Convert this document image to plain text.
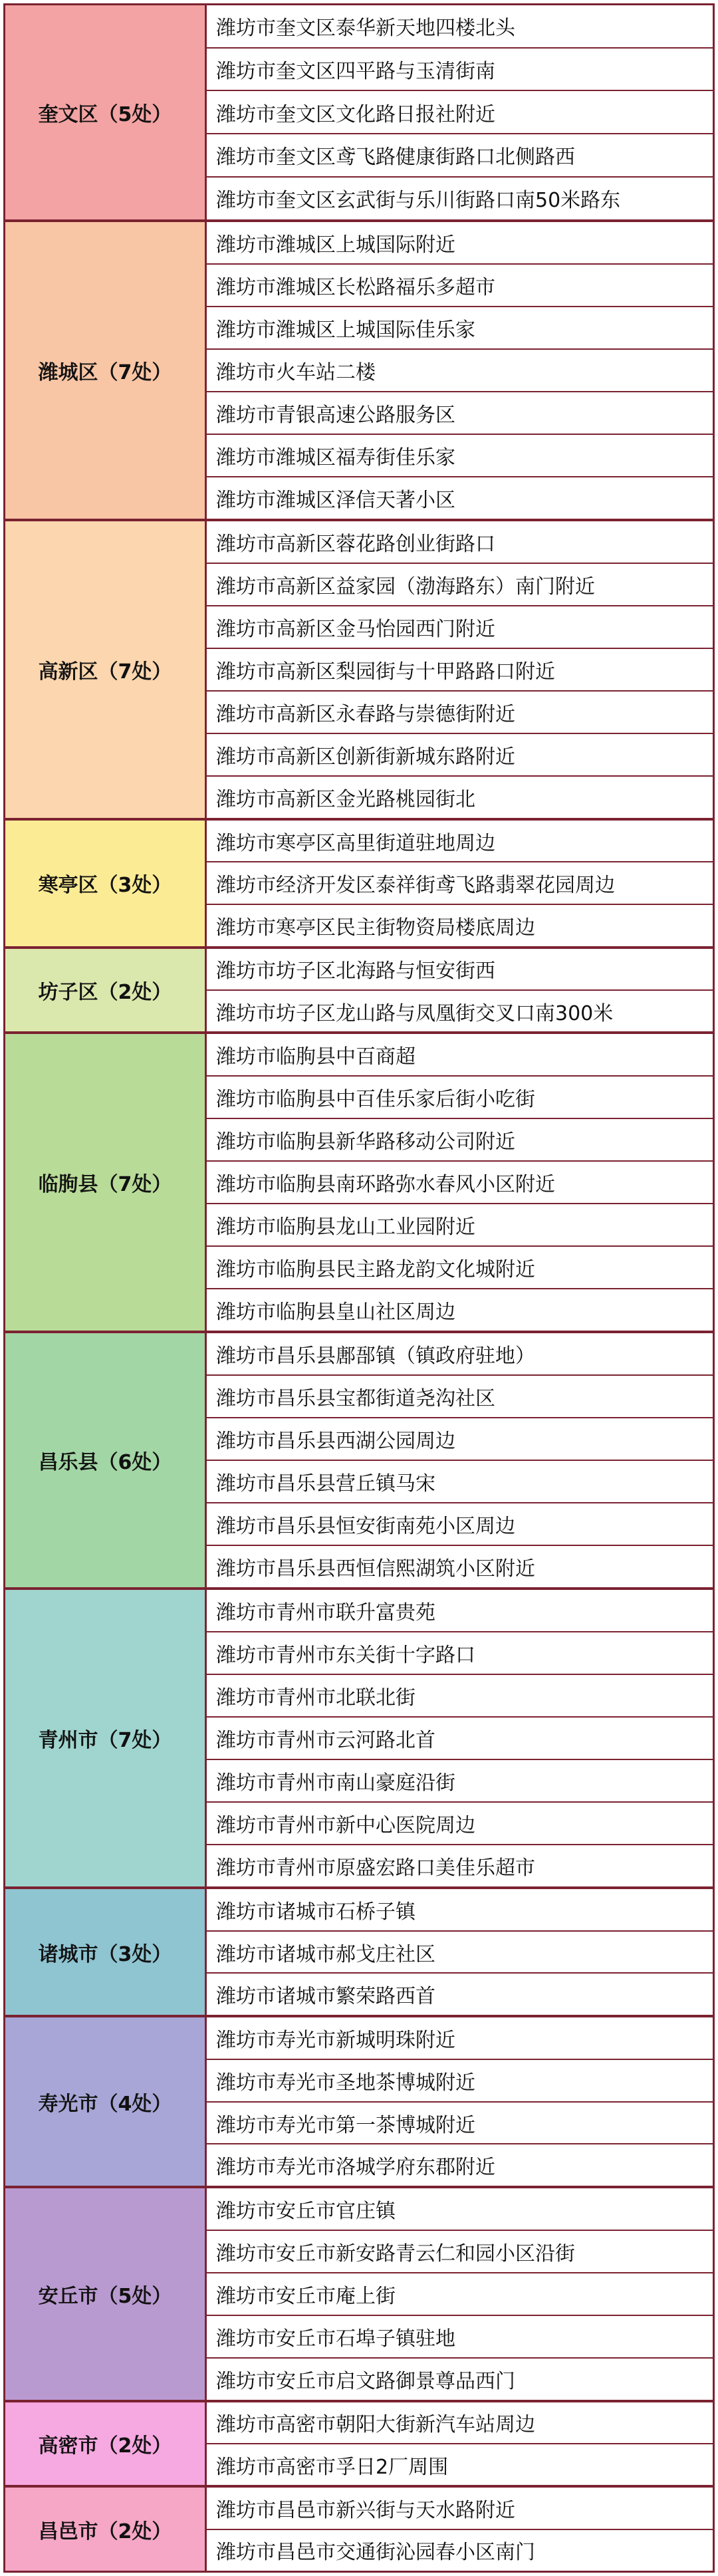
奎文区（5处）
潍坊市奎文区泰华新天地四楼北头
潍坊市奎文区四平路与玉清街南
潍坊市奎文区文化路日报社附近
潍坊市奎文区鸢飞路健康街路口北侧路西
潍坊市奎文区玄武街与乐川街路口南50米路东
潍城区（7处）
潍坊市潍城区上城国际附近
潍坊市潍城区长松路福乐多超市
潍坊市潍城区上城国际佳乐家
潍坊市火车站二楼
潍坊市青银高速公路服务区
潍坊市潍城区福寿街佳乐家
潍坊市潍城区泽信天著小区
高新区（7处）
潍坊市高新区蓉花路创业街路口
潍坊市高新区益家园（渤海路东）南门附近
潍坊市高新区金马怡园西门附近
潍坊市高新区梨园街与十甲路路口附近
潍坊市高新区永春路与崇德街附近
潍坊市高新区创新街新城东路附近
潍坊市高新区金光路桃园街北
寒亭区（3处）
潍坊市寒亭区高里街道驻地周边
潍坊市经济开发区泰祥街鸢飞路翡翠花园周边
潍坊市寒亭区民主街物资局楼底周边
坊子区（2处）
潍坊市坊子区北海路与恒安街西
潍坊市坊子区龙山路与凤凰街交叉口南300米
临朐县（7处）
潍坊市临朐县中百商超
潍坊市临朐县中百佳乐家后街小吃街
潍坊市临朐县新华路移动公司附近
潍坊市临朐县南环路弥水春风小区附近
潍坊市临朐县龙山工业园附近
潍坊市临朐县民主路龙韵文化城附近
潍坊市临朐县皇山社区周边
昌乐县（6处）
潍坊市昌乐县鄌郚镇（镇政府驻地）
潍坊市昌乐县宝都街道尧沟社区
潍坊市昌乐县西湖公园周边
潍坊市昌乐县营丘镇马宋
潍坊市昌乐县恒安街南苑小区周边
潍坊市昌乐县西恒信熙湖筑小区附近
青州市（7处）
潍坊市青州市联升富贵苑
潍坊市青州市东关街十字路口
潍坊市青州市北联北街
潍坊市青州市云河路北首
潍坊市青州市南山豪庭沿街
潍坊市青州市新中心医院周边
潍坊市青州市原盛宏路口美佳乐超市
诸城市（3处）
潍坊市诸城市石桥子镇
潍坊市诸城市郝戈庄社区
潍坊市诸城市繁荣路西首
寿光市（4处）
潍坊市寿光市新城明珠附近
潍坊市寿光市圣地茶博城附近
潍坊市寿光市第一茶博城附近
潍坊市寿光市洛城学府东郡附近
安丘市（5处）
潍坊市安丘市官庄镇
潍坊市安丘市新安路青云仁和园小区沿街
潍坊市安丘市庵上街
潍坊市安丘市石埠子镇驻地
潍坊市安丘市启文路御景尊品西门
高密市（2处）
潍坊市高密市朝阳大街新汽车站周边
潍坊市高密市孚日2厂周围
昌邑市（2处）
潍坊市昌邑市新兴街与天水路附近
潍坊市昌邑市交通街沁园春小区南门
